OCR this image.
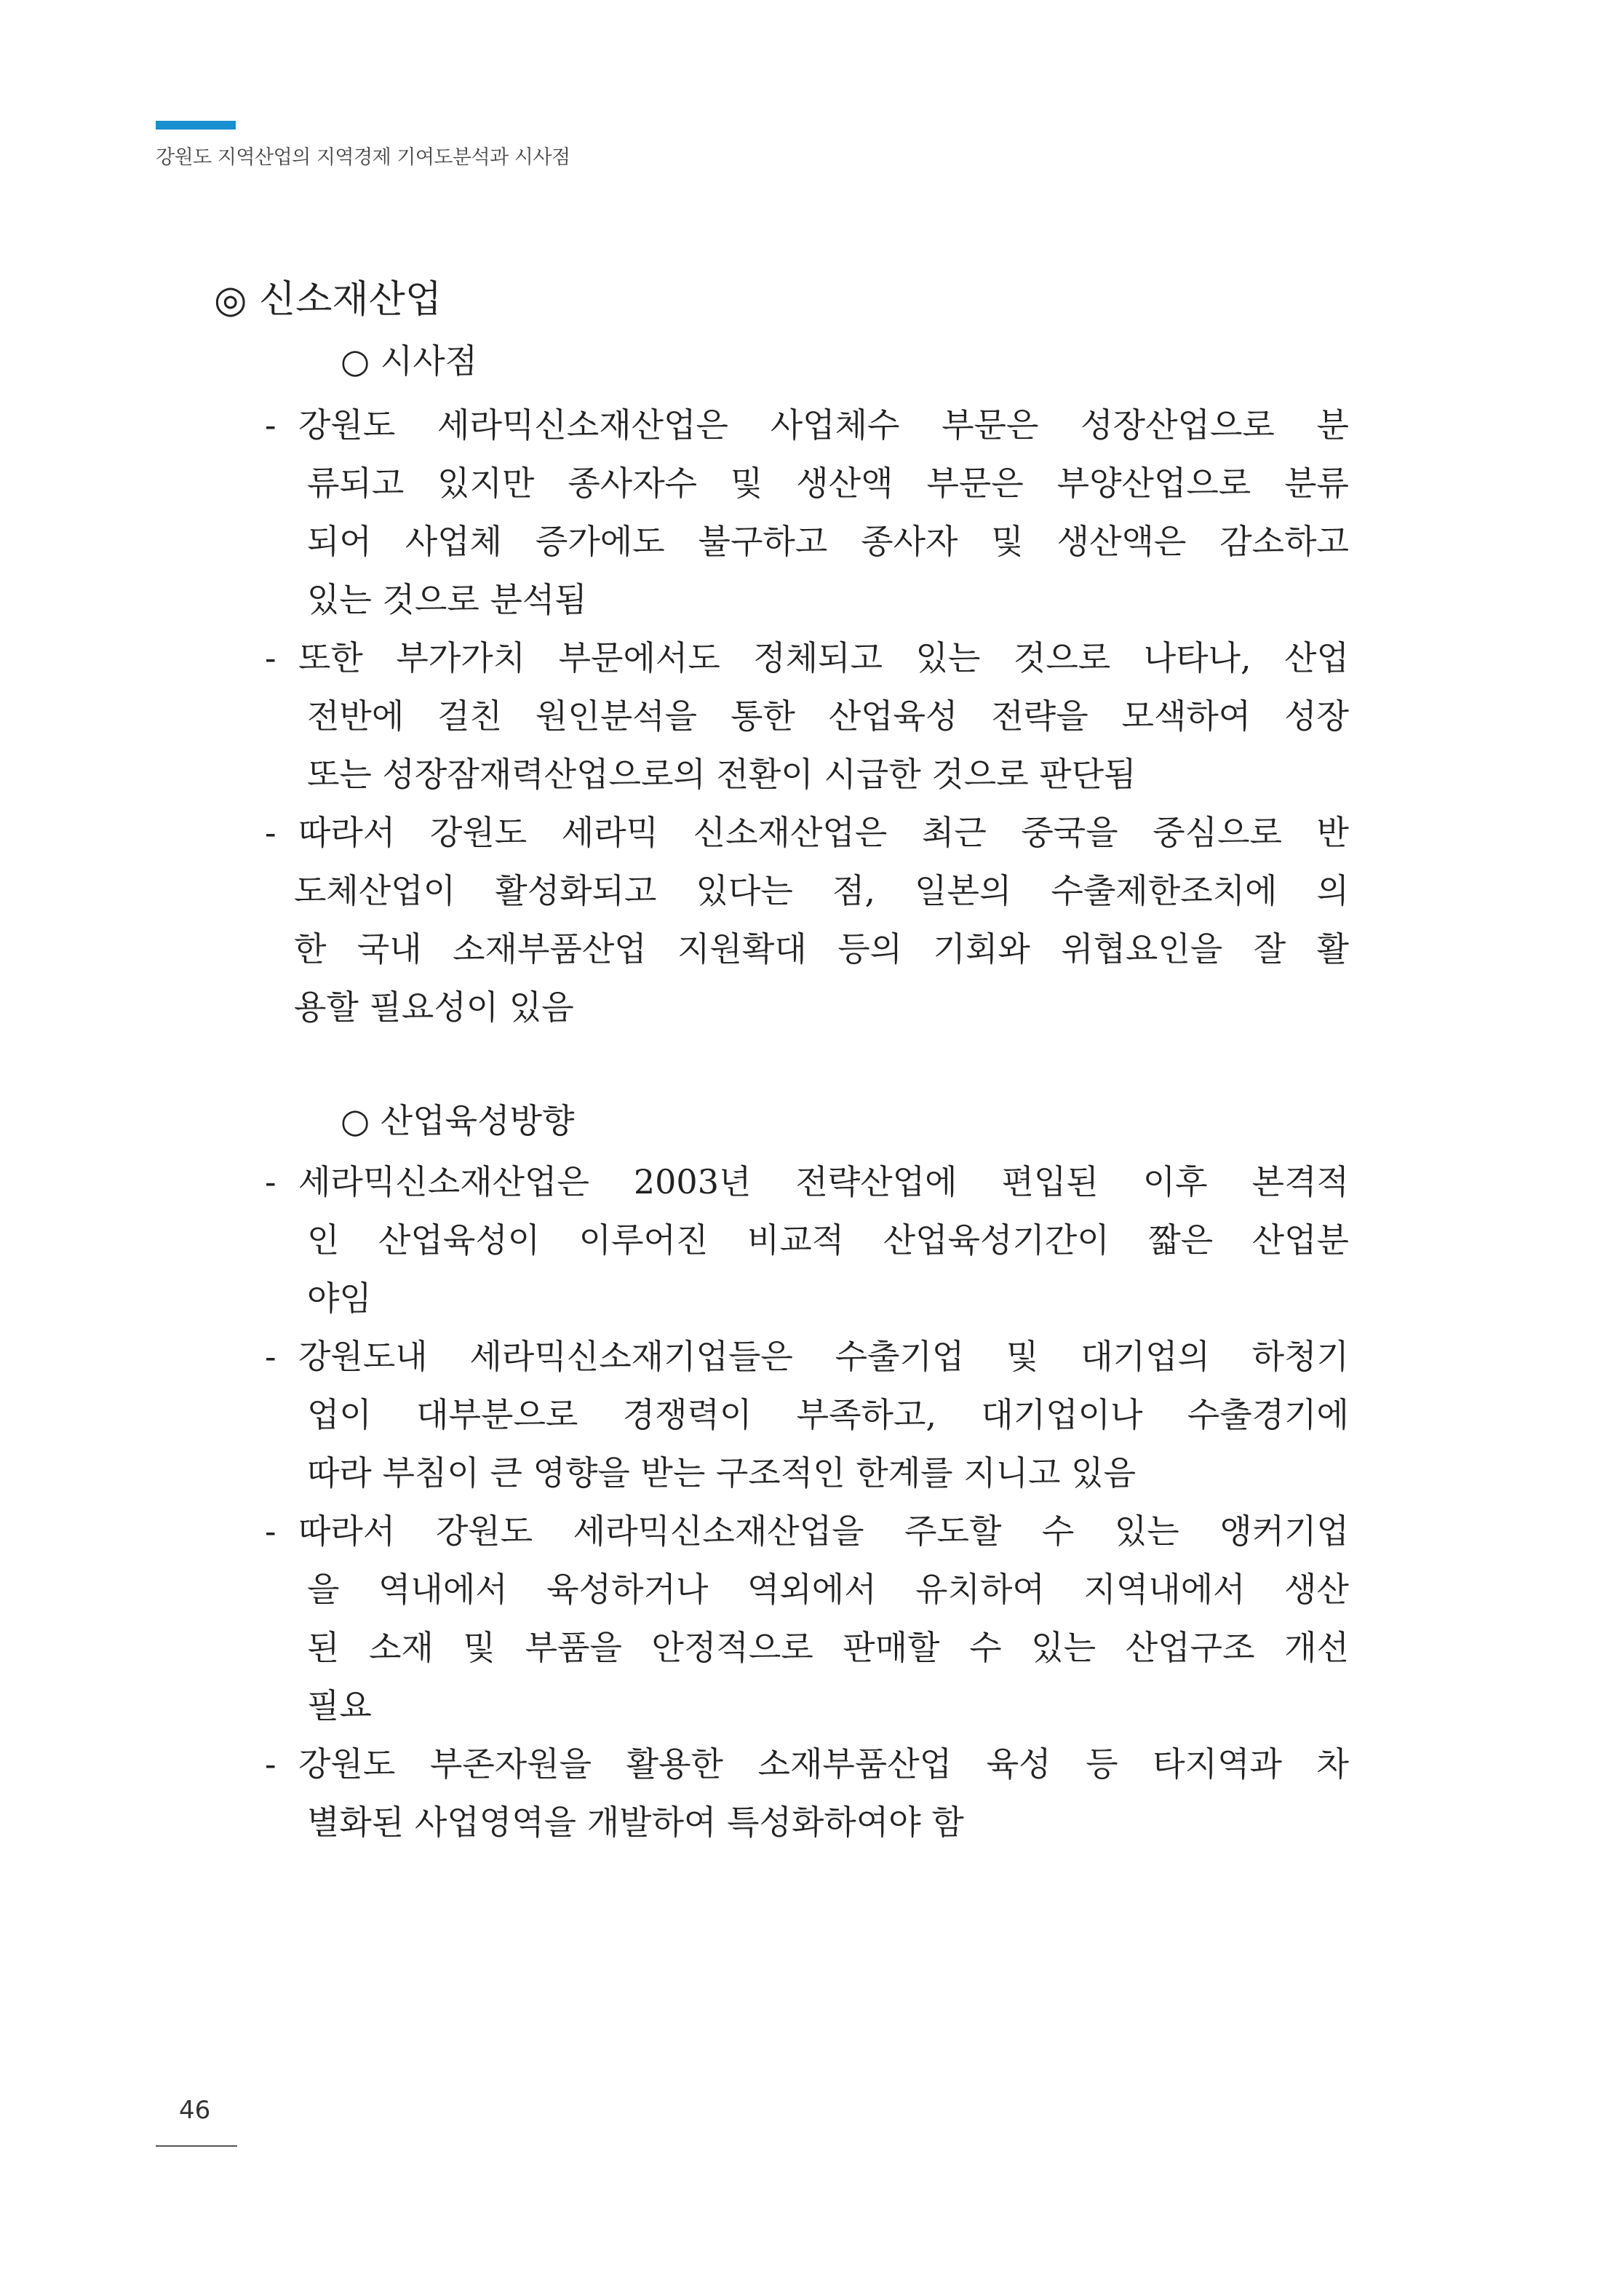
강원도 지역산업의 지역경제 기여도분석과 시사점
◎ 신소재산업
○ 시사점
- 강원도 세라믹신소재산업은 사업체수 부문은 성장산업으로 분
류되고 있지만 종사자수 및 생산액 부문은 부양산업으로 분류
되어 사업체 증가에도 불구하고 종사자 및 생산액은 감소하고
있는 것으로 분석됨
- 또한 부가가치 부문에서도 정체되고 있는 것으로 나타나, 산업
전반에 걸친 원인분석을 통한 산업육성 전략을 모색하여 성장
또는 성장잠재력산업으로의 전환이 시급한 것으로 판단됨
- 따라서 강원도 세라믹 신소재산업은 최근 중국을 중심으로 반
도체산업이 활성화되고 있다는 점, 일본의 수출제한조치에 의
한 국내 소재부품산업 지원확대 등의 기회와 위협요인을 잘 활
용할 필요성이 있음
○ 산업육성방향
- 세라믹신소재산업은 2003년 전략산업에 편입된 이후 본격적
인 산업육성이 이루어진 비교적 산업육성기간이 짧은 산업분
야임
- 강원도내 세라믹신소재기업들은 수출기업 및 대기업의 하청기
업이 대부분으로 경쟁력이 부족하고, 대기업이나 수출경기에
따라 부침이 큰 영향을 받는 구조적인 한계를 지니고 있음
- 따라서 강원도 세라믹신소재산업을 주도할 수 있는 앵커기업
을 역내에서 육성하거나 역외에서 유치하여 지역내에서 생산
된 소재 및 부품을 안정적으로 판매할 수 있는 산업구조 개선
필요
- 강원도 부존자원을 활용한 소재부품산업 육성 등 타지역과 차
별화된 사업영역을 개발하여 특성화하여야 함
46
